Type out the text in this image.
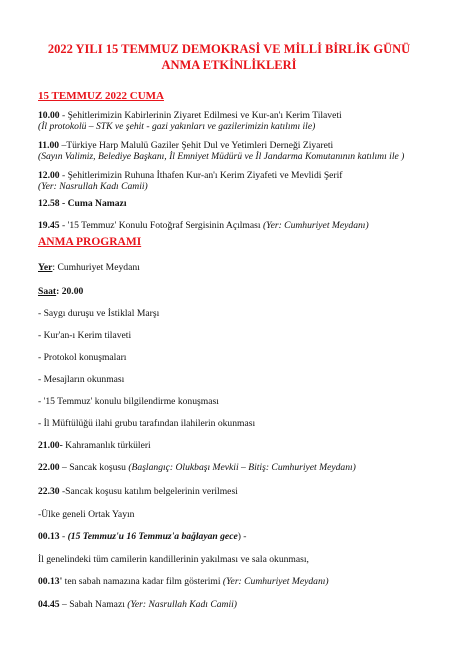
2022 YILI 15 TEMMUZ DEMOKRASİ VE MİLLİ BİRLİK GÜNÜ
ANMA ETKİNLİKLERİ
15 TEMMUZ 2022 CUMA
10.00 - Şehitlerimizin Kabirlerinin Ziyaret Edilmesi ve Kur-an'ı Kerim Tilaveti
(İl protokolü – STK ve şehit - gazi yakınları ve gazilerimizin katılımı ile)
11.00 –Türkiye Harp Malulü Gaziler Şehit Dul ve Yetimleri Derneği Ziyareti
(Sayın Valimiz, Belediye Başkanı, İl Emniyet Müdürü ve İl Jandarma Komutanının katılımı ile )
12.00 - Şehitlerimizin Ruhuna İthafen Kur-an'ı Kerim Ziyafeti ve Mevlidi Şerif
(Yer: Nasrullah Kadı Camii)
12.58 - Cuma Namazı
19.45 - '15 Temmuz' Konulu Fotoğraf Sergisinin Açılması (Yer: Cumhuriyet Meydanı)
ANMA PROGRAMI
Yer: Cumhuriyet Meydanı
Saat: 20.00
- Saygı duruşu ve İstiklal Marşı
- Kur'an-ı Kerim tilaveti
- Protokol konuşmaları
- Mesajların okunması
- '15 Temmuz' konulu bilgilendirme konuşması
- İl Müftülüğü ilahi grubu tarafından ilahilerin okunması
21.00- Kahramanlık türküleri
22.00 – Sancak koşusu (Başlangıç: Olukbaşı Mevkii – Bitiş: Cumhuriyet Meydanı)
22.30 -Sancak koşusu katılım belgelerinin verilmesi
-Ülke geneli Ortak Yayın
00.13 - (15 Temmuz'u 16 Temmuz'a bağlayan gece) -
İl genelindeki tüm camilerin kandillerinin yakılması ve sala okunması,
00.13' ten sabah namazına kadar film gösterimi (Yer: Cumhuriyet Meydanı)
04.45 – Sabah Namazı (Yer: Nasrullah Kadı Camii)
